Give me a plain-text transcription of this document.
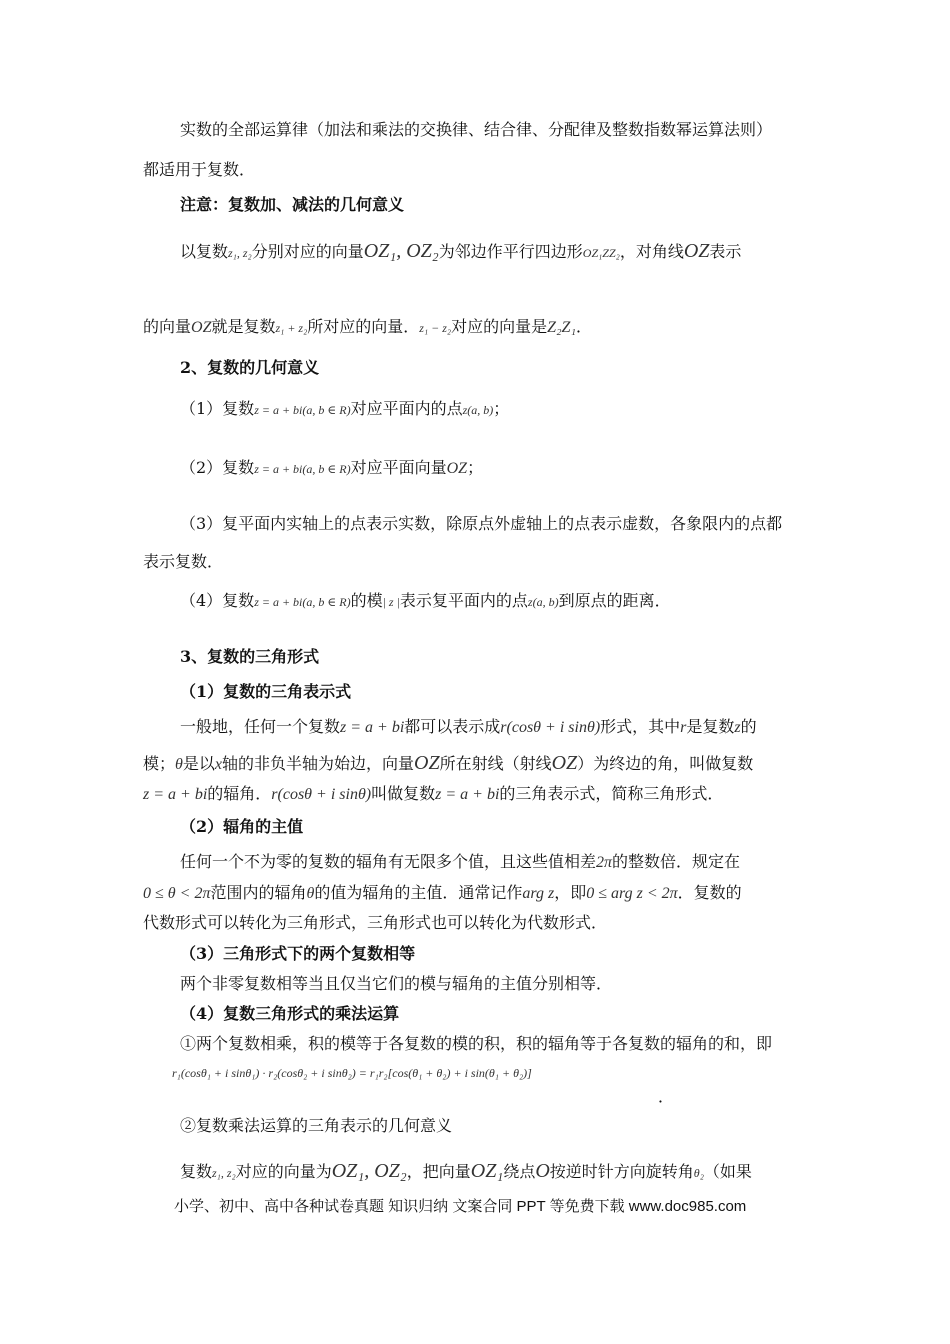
实数的全部运算律（加法和乘法的交换律、结合律、分配律及整数指数幂运算法则）
都适用于复数．
注意：复数加、减法的几何意义
以复数z₁, z₂分别对应的向量OZ₁, OZ₂为邻边作平行四边形OZ₁ZZ₂，对角线OZ表示
的向量OZ就是复数z₁ + z₂所对应的向量．z₁ − z₂对应的向量是Z₂Z₁．
2、复数的几何意义
（1）复数z = a + bi(a, b ∈ R)对应平面内的点z(a, b)；
（2）复数z = a + bi(a, b ∈ R)对应平面向量OZ；
（3）复平面内实轴上的点表示实数，除原点外虚轴上的点表示虚数，各象限内的点都
表示复数．
（4）复数z = a + bi(a, b ∈ R)的模| z |表示复平面内的点z(a, b)到原点的距离．
3、复数的三角形式
（1）复数的三角表示式
一般地，任何一个复数z = a + bi都可以表示成r(cosθ + i sinθ)形式，其中r是复数z的
模；θ是以x轴的非负半轴为始边，向量OZ所在射线（射线OZ）为终边的角，叫做复数
z = a + bi的辐角．r(cosθ + i sinθ)叫做复数z = a + bi的三角表示式，简称三角形式．
（2）辐角的主值
任何一个不为零的复数的辐角有无限多个值，且这些值相差2π的整数倍．规定在
0 ≤ θ < 2π范围内的辐角θ的值为辐角的主值．通常记作arg z，即0 ≤ arg z < 2π．复数的
代数形式可以转化为三角形式，三角形式也可以转化为代数形式．
（3）三角形式下的两个复数相等
两个非零复数相等当且仅当它们的模与辐角的主值分别相等．
（4）复数三角形式的乘法运算
①两个复数相乘，积的模等于各复数的模的积，积的辐角等于各复数的辐角的和，即
r₁(cosθ₁ + i sinθ₁) · r₂(cosθ₂ + i sinθ₂) = r₁r₂[cos(θ₁ + θ₂) + i sin(θ₁ + θ₂)]
．
②复数乘法运算的三角表示的几何意义
复数z₁, z₂对应的向量为OZ₁, OZ₂，把向量OZ₁绕点O按逆时针方向旋转角θ₂（如果
小学、初中、高中各种试卷真题 知识归纳 文案合同 PPT 等免费下载 www.doc985.com
